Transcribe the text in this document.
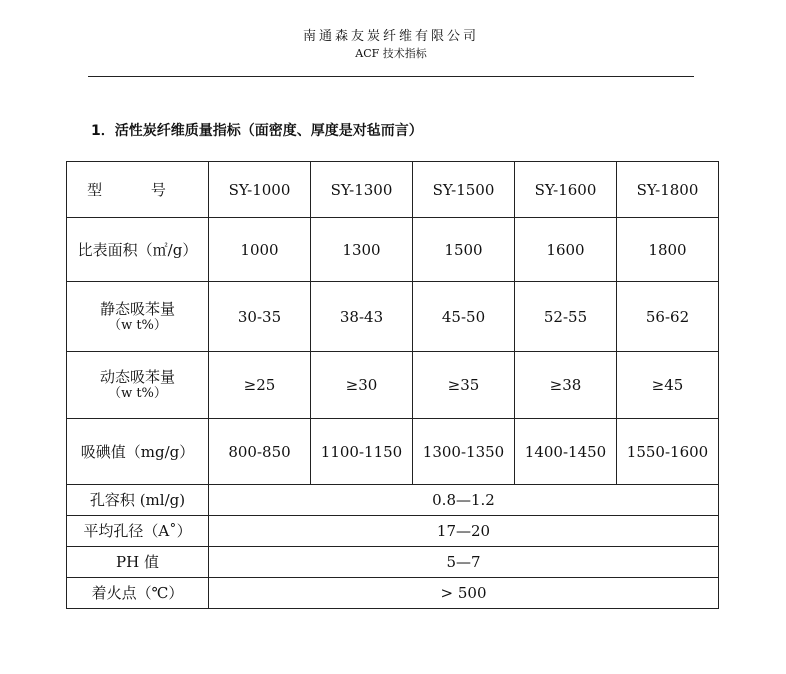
南通森友炭纤维有限公司
ACF 技术指标
1．活性炭纤维质量指标（面密度、厚度是对毡而言）
型 号	SY-1000	SY-1300	SY-1500	SY-1600	SY-1800
比表面积（㎡/g）	1000	1300	1500	1600	1800

静态吸苯量
（w t%）	30-35	38-43	45-50	52-55	56-62

动态吸苯量
（w t%）	≥25	≥30	≥35	≥38	≥45
吸碘值（mg/g）	800-850	1100-1150	1300-1350	1400-1450	1550-1600
孔容积 (ml/g)	0.8—1.2				
平均孔径（A˚）	17—20				
PH 值	5—7				
着火点（℃）	> 500				
